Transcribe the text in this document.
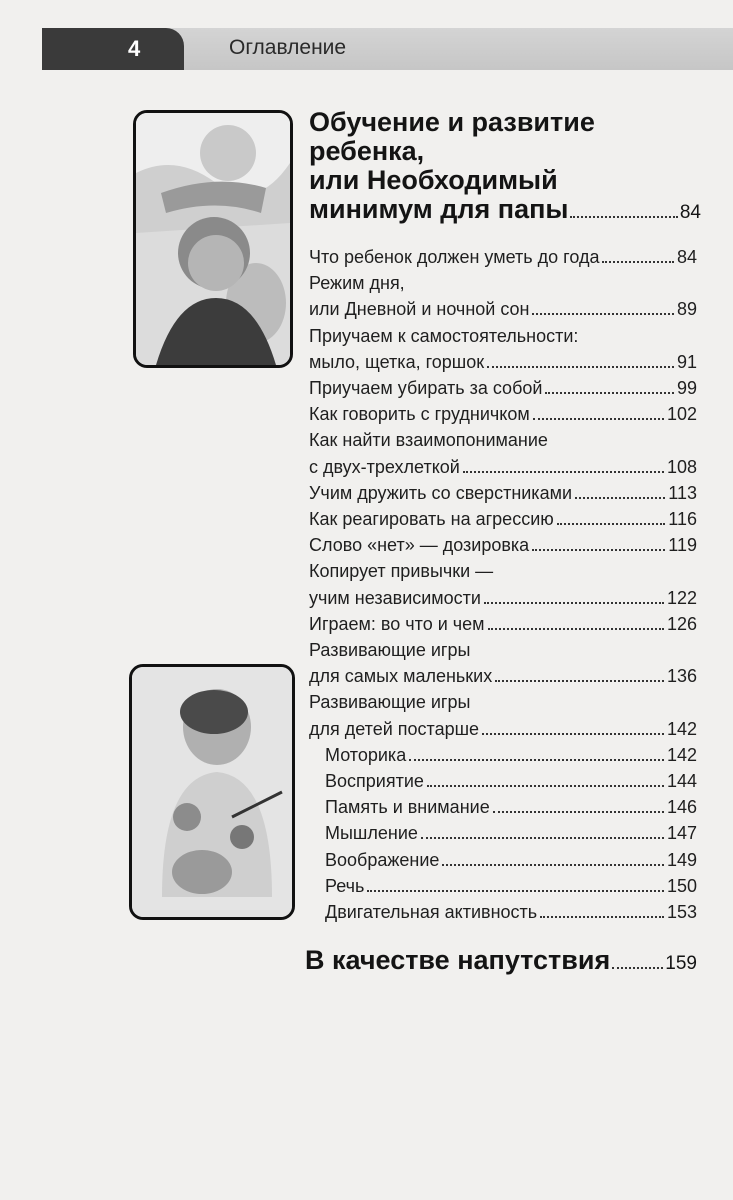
4	Оглавление
Обучение и развитие
ребенка,
или Необходимый
минимум для папы	84
Что ребенок должен уметь до года	84
Режим дня,
или Дневной и ночной сон	89
Приучаем к самостоятельности:
мыло, щетка, горшок	91
Приучаем убирать за собой	99
Как говорить с грудничком	102
Как найти взаимопонимание
с двух-трехлеткой	108
Учим дружить со сверстниками	113
Как реагировать на агрессию	116
Слово «нет» — дозировка	119
Копирует привычки —
учим независимости	122
Играем: во что и чем	126
Развивающие игры
для самых маленьких	136
Развивающие игры
для детей постарше	142
Моторика	142
Восприятие	144
Память и внимание	146
Мышление	147
Воображение	149
Речь	150
Двигательная активность	153
В качестве напутствия	159
